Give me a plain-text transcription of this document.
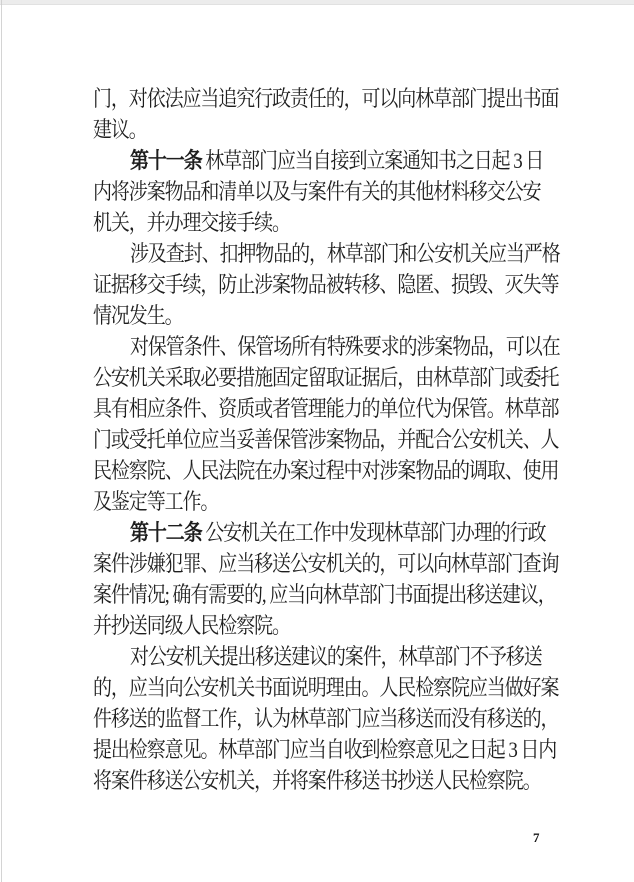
门，对依法应当追究行政责任的，可以向林草部门提出书面
建议。
第十一条 林草部门应当自接到立案通知书之日起 3 日
内将涉案物品和清单以及与案件有关的其他材料移交公安
机关，并办理交接手续。
涉及查封、扣押物品的，林草部门和公安机关应当严格
证据移交手续，防止涉案物品被转移、隐匿、损毁、灭失等
情况发生。
对保管条件、保管场所有特殊要求的涉案物品，可以在
公安机关采取必要措施固定留取证据后，由林草部门或委托
具有相应条件、资质或者管理能力的单位代为保管。林草部
门或受托单位应当妥善保管涉案物品，并配合公安机关、人
民检察院、人民法院在办案过程中对涉案物品的调取、使用
及鉴定等工作。
第十二条 公安机关在工作中发现林草部门办理的行政
案件涉嫌犯罪、应当移送公安机关的，可以向林草部门查询
案件情况; 确有需要的, 应当向林草部门书面提出移送建议，
并抄送同级人民检察院。
对公安机关提出移送建议的案件，林草部门不予移送
的，应当向公安机关书面说明理由。人民检察院应当做好案
件移送的监督工作，认为林草部门应当移送而没有移送的，
提出检察意见。林草部门应当自收到检察意见之日起 3 日内
将案件移送公安机关，并将案件移送书抄送人民检察院。
7
